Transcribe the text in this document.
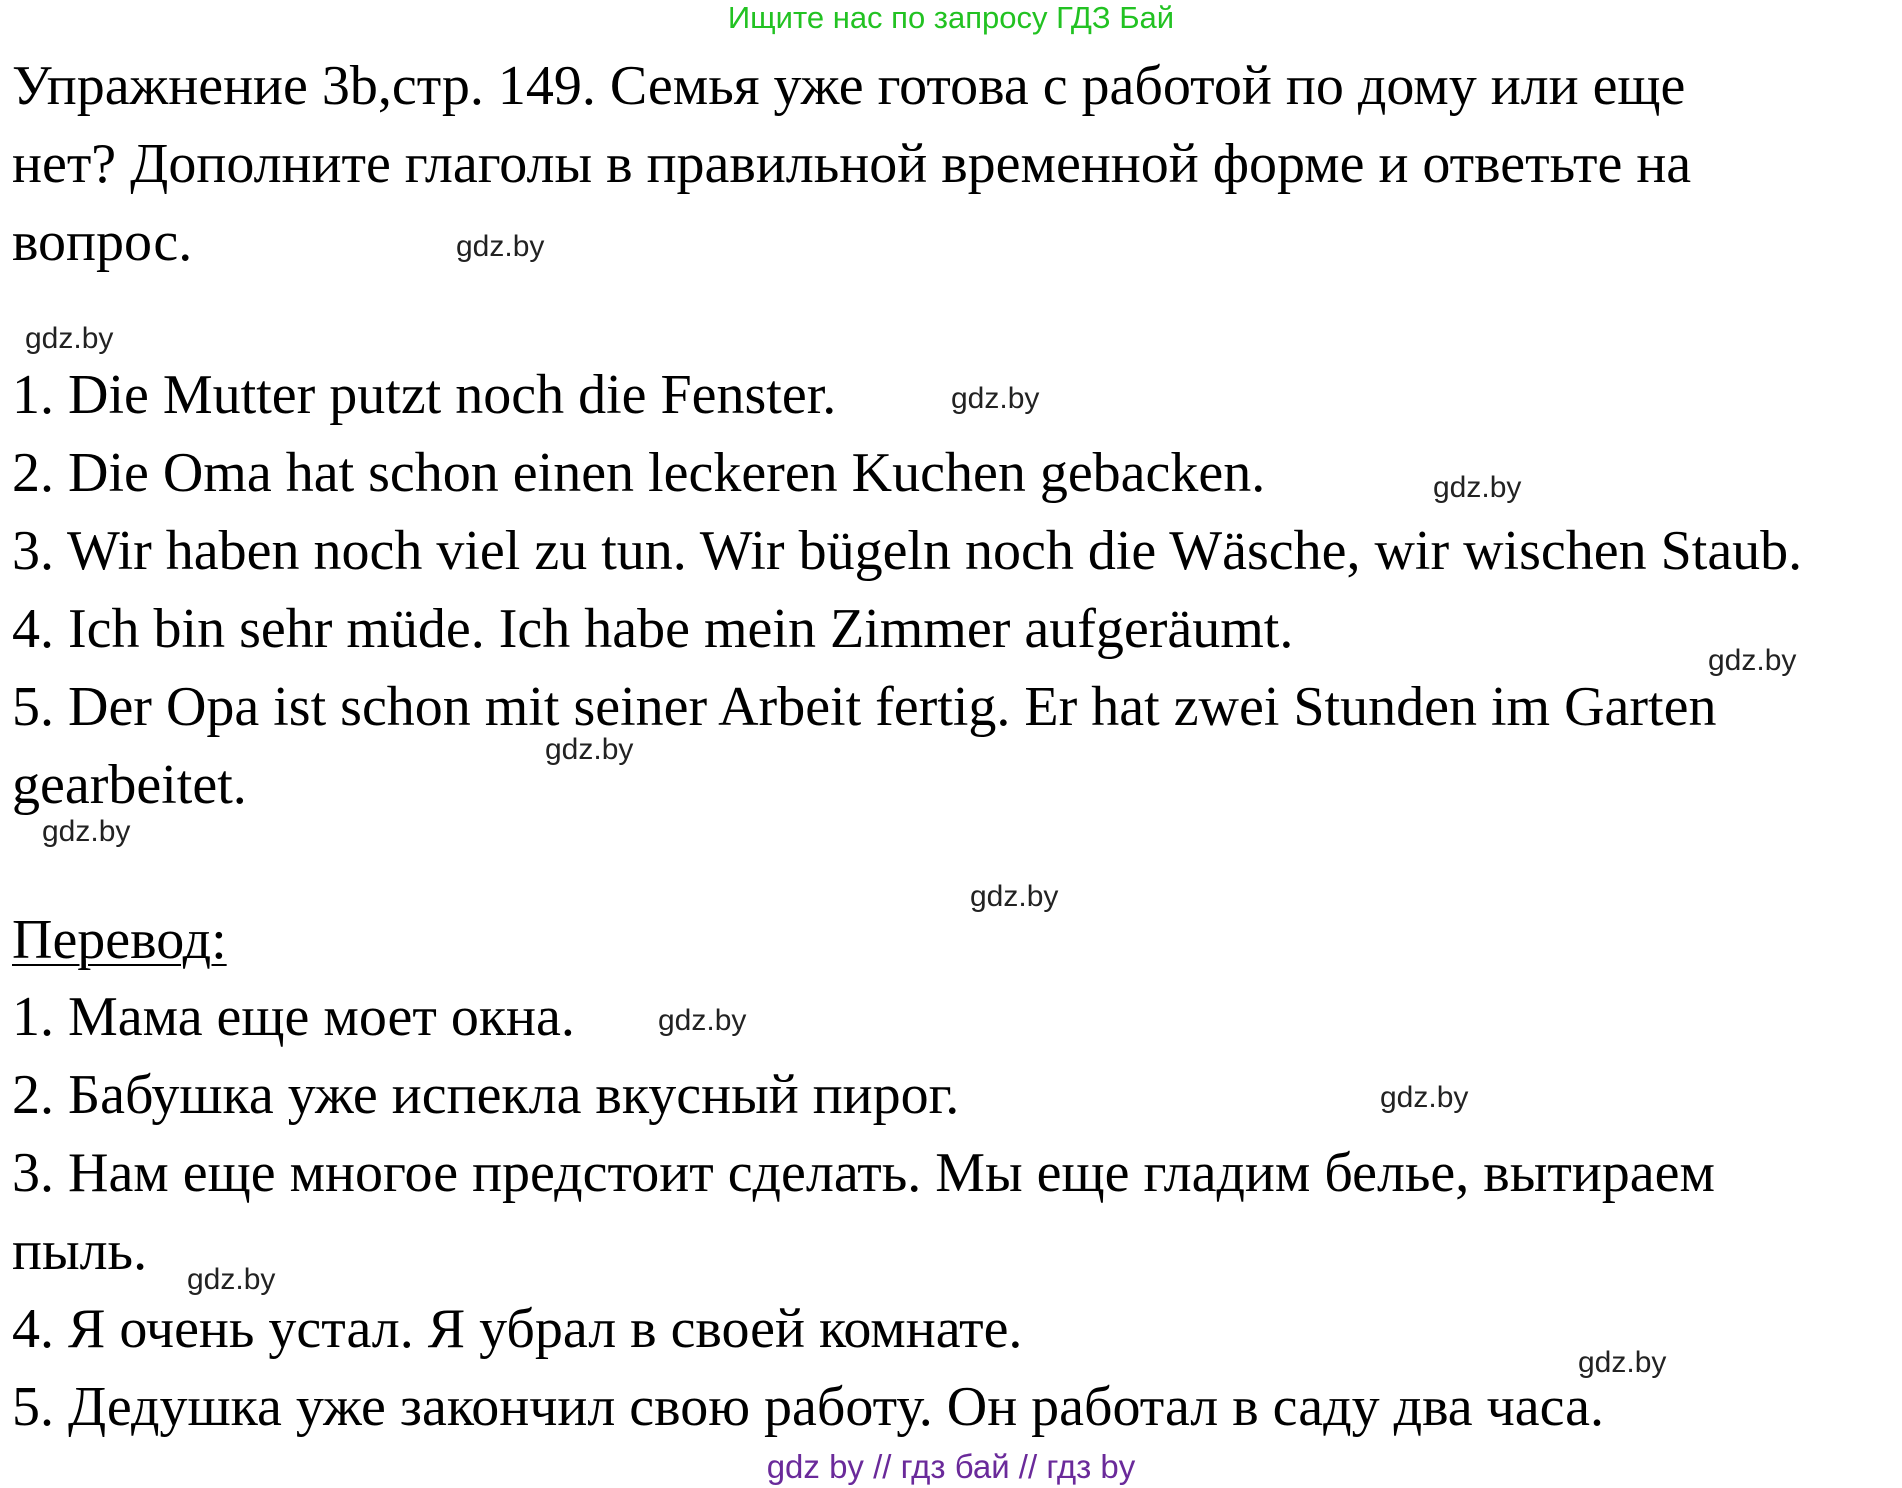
Ищите нас по запросу ГДЗ Бай
Упражнение 3b,стр. 149. Семья уже готова с работой по дому или еще
нет? Дополните глаголы в правильной временной форме и ответьте на
вопрос.
1. Die Mutter putzt noch die Fenster.
2. Die Oma hat schon einen leckeren Kuchen gebacken.
3. Wir haben noch viel zu tun. Wir bügeln noch die Wäsche, wir wischen Staub.
4. Ich bin sehr müde. Ich habe mein Zimmer aufgeräumt.
5. Der Opa ist schon mit seiner Arbeit fertig. Er hat zwei Stunden im Garten
gearbeitet.
Перевод:
1. Мама еще моет окна.
2. Бабушка уже испекла вкусный пирог.
3. Нам еще многое предстоит сделать. Мы еще гладим белье, вытираем
пыль.
4. Я очень устал. Я убрал в своей комнате.
5. Дедушка уже закончил свою работу. Он работал в саду два часа.
gdz.by
gdz.by
gdz.by
gdz.by
gdz.by
gdz.by
gdz.by
gdz.by
gdz.by
gdz.by
gdz.by
gdz.by
gdz by // гдз бай // гдз by
